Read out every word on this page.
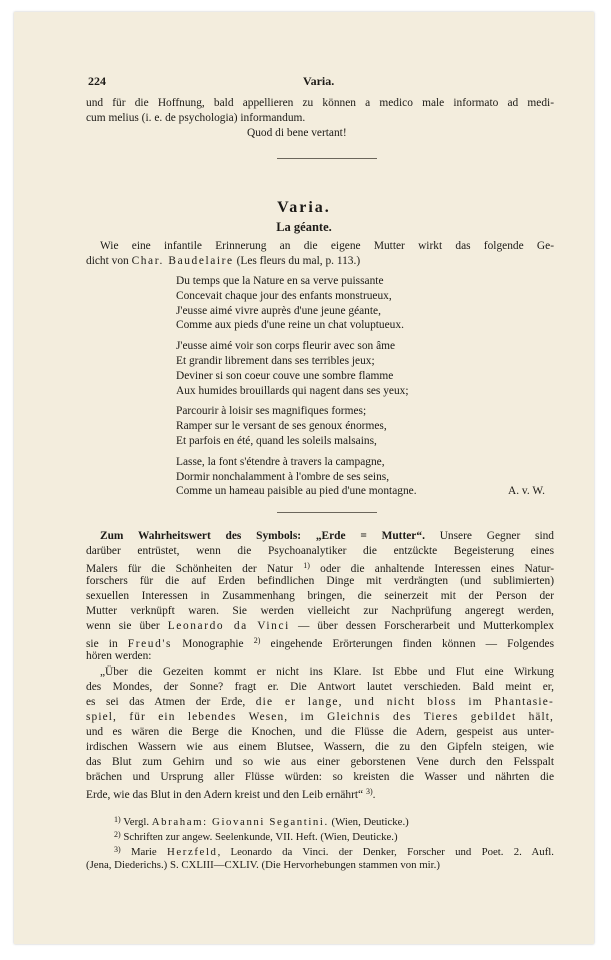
224	Varia.
und für die Hoffnung, bald appellieren zu können a medico male informato ad medi-
cum melius (i. e. de psychologia) informandum.
Quod di bene vertant!
Varia.
La géante.
Wie eine infantile Erinnerung an die eigene Mutter wirkt das folgende Ge-
dicht von Char. Baudelaire (Les fleurs du mal, p. 113.)
Du temps que la Nature en sa verve puissante
Concevait chaque jour des enfants monstrueux,
J'eusse aimé vivre auprès d'une jeune géante,
Comme aux pieds d'une reine un chat voluptueux.
J'eusse aimé voir son corps fleurir avec son âme
Et grandir librement dans ses terribles jeux;
Deviner si son coeur couve une sombre flamme
Aux humides brouillards qui nagent dans ses yeux;
Parcourir à loisir ses magnifiques formes;
Ramper sur le versant de ses genoux énormes,
Et parfois en été, quand les soleils malsains,
Lasse, la font s'étendre à travers la campagne,
Dormir nonchalamment à l'ombre de ses seins,
Comme un hameau paisible au pied d'une montagne.	A. v. W.
Zum Wahrheitswert des Symbols: „Erde = Mutter“. Unsere Gegner sind
darüber entrüstet, wenn die Psychoanalytiker die entzückte Begeisterung eines
Malers für die Schönheiten der Natur $^{1)}$ oder die anhaltende Interessen eines Natur-
forschers für die auf Erden befindlichen Dinge mit verdrängten (und sublimierten)
sexuellen Interessen in Zusammenhang bringen, die seinerzeit mit der Person der
Mutter verknüpft waren. Sie werden vielleicht zur Nachprüfung angeregt werden,
wenn sie über Leonardo da Vinci — über dessen Forscherarbeit und Mutterkomplex
sie in Freud's Monographie $^{2)}$ eingehende Erörterungen finden können — Folgendes
hören werden:
„Über die Gezeiten kommt er nicht ins Klare. Ist Ebbe und Flut eine Wirkung
des Mondes, der Sonne? fragt er. Die Antwort lautet verschieden. Bald meint er,
es sei das Atmen der Erde, die er lange, und nicht bloss im Phantasie-
spiel, für ein lebendes Wesen, im Gleichnis des Tieres gebildet hält,
und es wären die Berge die Knochen, und die Flüsse die Adern, gespeist aus unter-
irdischen Wassern wie aus einem Blutsee, Wassern, die zu den Gipfeln steigen, wie
das Blut zum Gehirn und so wie aus einer geborstenen Vene durch den Felsspalt
brächen und Ursprung aller Flüsse würden: so kreisten die Wasser und nährten die
Erde, wie das Blut in den Adern kreist und den Leib ernährt“ $^{3)}$.
$^{1)}$ Vergl. Abraham: Giovanni Segantini. (Wien, Deuticke.)
$^{2)}$ Schriften zur angew. Seelenkunde, VII. Heft. (Wien, Deuticke.)
$^{3)}$ Marie Herzfeld, Leonardo da Vinci. der Denker, Forscher und Poet. 2. Aufl.
(Jena, Diederichs.) S. CXLIII—CXLIV. (Die Hervorhebungen stammen von mir.)
